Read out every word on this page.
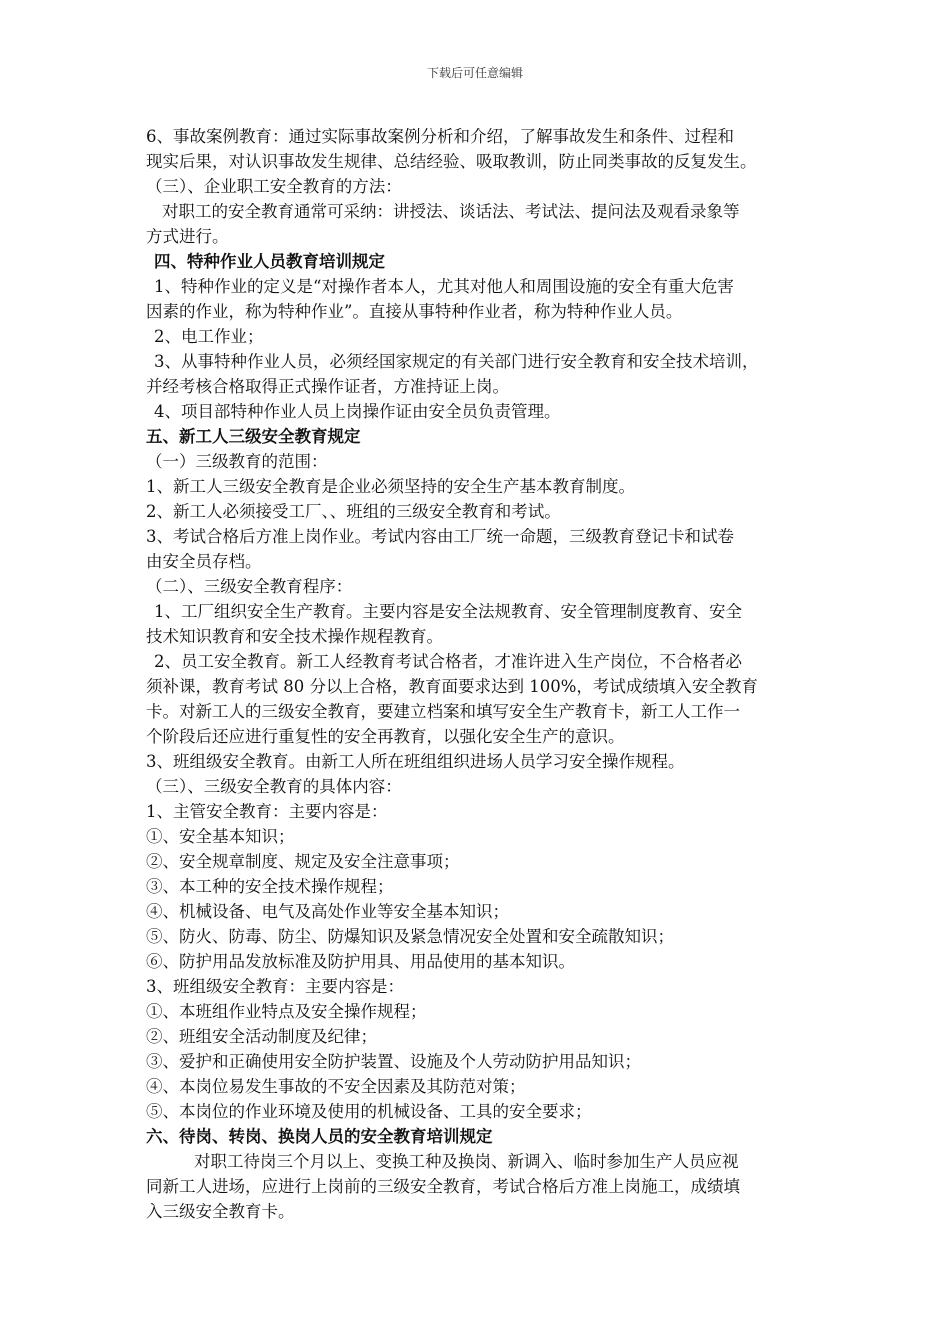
下载后可任意编辑

6、事故案例教育：通过实际事故案例分析和介绍，了解事故发生和条件、过程和

现实后果，对认识事故发生规律、总结经验、吸取教训，防止同类事故的反复发生。

（三）、企业职工安全教育的方法：

对职工的安全教育通常可采纳：讲授法、谈话法、考试法、提问法及观看录象等

方式进行。

四、特种作业人员教育培训规定

1、特种作业的定义是“对操作者本人，尤其对他人和周围设施的安全有重大危害

因素的作业，称为特种作业”。直接从事特种作业者，称为特种作业人员。

2、电工作业；

3、从事特种作业人员，必须经国家规定的有关部门进行安全教育和安全技术培训，

并经考核合格取得正式操作证者，方准持证上岗。

4、项目部特种作业人员上岗操作证由安全员负责管理。

五、新工人三级安全教育规定

（一）三级教育的范围：

1、新工人三级安全教育是企业必须坚持的安全生产基本教育制度。

2、新工人必须接受工厂、、班组的三级安全教育和考试。

3、考试合格后方准上岗作业。考试内容由工厂统一命题，三级教育登记卡和试卷

由安全员存档。

（二）、三级安全教育程序：

1、工厂组织安全生产教育。主要内容是安全法规教育、安全管理制度教育、安全

技术知识教育和安全技术操作规程教育。

2、员工安全教育。新工人经教育考试合格者，才准许进入生产岗位，不合格者必

须补课，教育考试 80 分以上合格，教育面要求达到 100%，考试成绩填入安全教育

卡。对新工人的三级安全教育，要建立档案和填写安全生产教育卡，新工人工作一

个阶段后还应进行重复性的安全再教育，以强化安全生产的意识。

3、班组级安全教育。由新工人所在班组组织进场人员学习安全操作规程。

（三）、三级安全教育的具体内容：

1、主管安全教育：主要内容是：

①、安全基本知识；

②、安全规章制度、规定及安全注意事项；

③、本工种的安全技术操作规程；

④、机械设备、电气及高处作业等安全基本知识；

⑤、防火、防毒、防尘、防爆知识及紧急情况安全处置和安全疏散知识；

⑥、防护用品发放标准及防护用具、用品使用的基本知识。

3、班组级安全教育：主要内容是：

①、本班组作业特点及安全操作规程；

②、班组安全活动制度及纪律；

③、爱护和正确使用安全防护装置、设施及个人劳动防护用品知识；

④、本岗位易发生事故的不安全因素及其防范对策；

⑤、本岗位的作业环境及使用的机械设备、工具的安全要求；

六、待岗、转岗、换岗人员的安全教育培训规定

对职工待岗三个月以上、变换工种及换岗、新调入、临时参加生产人员应视

同新工人进场，应进行上岗前的三级安全教育，考试合格后方准上岗施工，成绩填

入三级安全教育卡。
